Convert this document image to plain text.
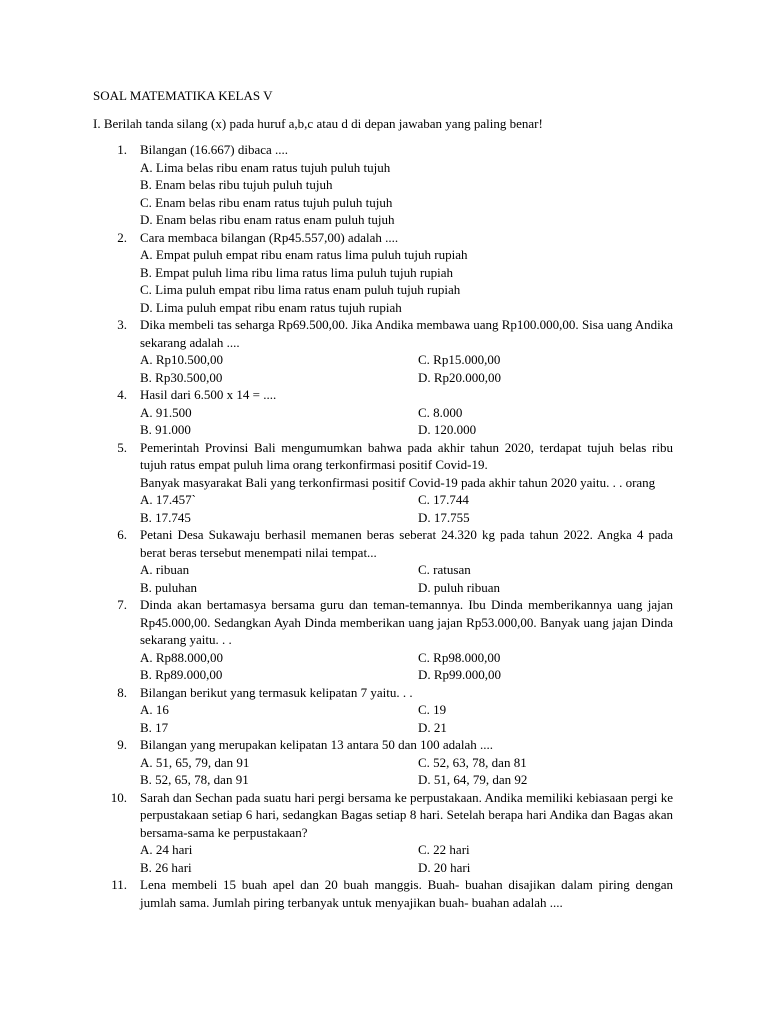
SOAL MATEMATIKA KELAS V
I. Berilah tanda silang (x) pada huruf a,b,c atau d di depan jawaban yang paling benar!
1.	Bilangan (16.667) dibaca ....
A. Lima belas ribu enam ratus tujuh puluh tujuh
B. Enam belas ribu tujuh puluh tujuh
C. Enam belas ribu enam ratus tujuh puluh tujuh
D. Enam belas ribu enam ratus enam puluh tujuh
2.	Cara membaca bilangan (Rp45.557,00) adalah ....
A. Empat puluh empat ribu enam ratus lima puluh tujuh rupiah
B. Empat puluh lima ribu lima ratus lima puluh tujuh rupiah
C. Lima puluh empat ribu lima ratus enam puluh tujuh rupiah
D. Lima puluh empat ribu enam ratus tujuh rupiah
3.	Dika membeli tas seharga Rp69.500,00. Jika Andika membawa uang Rp100.000,00. Sisa uang Andika sekarang adalah ....
A. Rp10.500,00	C. Rp15.000,00
B. Rp30.500,00	D. Rp20.000,00
4.	Hasil dari 6.500 x 14 = ....
A. 91.500	C. 8.000
B. 91.000	D. 120.000
5.	Pemerintah Provinsi Bali mengumumkan bahwa pada akhir tahun 2020, terdapat tujuh belas ribu tujuh ratus empat puluh lima orang terkonfirmasi positif Covid-19.
Banyak masyarakat Bali yang terkonfirmasi positif Covid-19 pada akhir tahun 2020 yaitu. . . orang
A. 17.457`	C. 17.744
B. 17.745	D. 17.755
6.	Petani Desa Sukawaju berhasil memanen beras seberat 24.320 kg pada tahun 2022. Angka 4 pada berat beras tersebut menempati nilai tempat...
A. ribuan	C. ratusan
B. puluhan	D. puluh ribuan
7.	Dinda akan bertamasya bersama guru dan teman-temannya. Ibu Dinda memberikannya uang jajan Rp45.000,00. Sedangkan Ayah Dinda memberikan uang jajan Rp53.000,00. Banyak uang jajan Dinda sekarang yaitu. . .
A. Rp88.000,00	C. Rp98.000,00
B. Rp89.000,00	D. Rp99.000,00
8.	Bilangan berikut yang termasuk kelipatan 7 yaitu. . .
A. 16	C. 19
B. 17	D. 21
9.	Bilangan yang merupakan kelipatan 13 antara 50 dan 100 adalah ....
A. 51, 65, 79, dan 91	C. 52, 63, 78, dan 81
B. 52, 65, 78, dan 91	D. 51, 64, 79, dan 92
10.	Sarah dan Sechan pada suatu hari pergi bersama ke perpustakaan. Andika memiliki kebiasaan pergi ke perpustakaan setiap 6 hari, sedangkan Bagas setiap 8 hari. Setelah berapa hari Andika dan Bagas akan bersama-sama ke perpustakaan?
A. 24 hari	C. 22 hari
B. 26 hari	D. 20 hari
11.	Lena membeli 15 buah apel dan 20 buah manggis. Buah- buahan disajikan dalam piring dengan jumlah sama. Jumlah piring terbanyak untuk menyajikan buah- buahan adalah ....
